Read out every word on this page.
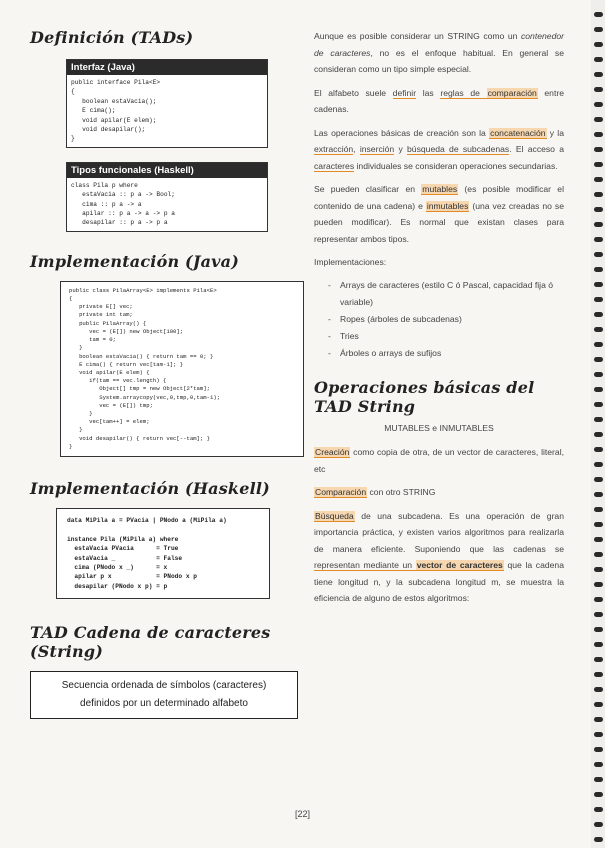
Definición (TADs)
Interfaz (Java)
public interface Pila<E>
{
boolean estaVacia();
E cima();
void apilar(E elem);
void desapilar();
}
Tipos funcionales (Haskell)
class Pila p where
estaVacia :: p a -> Bool;
cima :: p a -> a
apilar :: p a -> a -> p a
desapilar :: p a -> p a
Implementación (Java)
public class PilaArray<E> implements Pila<E>
{
private E[] vec;
private int tam;
public PilaArray() {
vec = (E[]) new Object[100];
tam = 0;
}
boolean estaVacia() { return tam == 0; }
E cima() { return vec[tam-1]; }
void apilar(E elem) {
if(tam == vec.length) {
Object[] tmp = new Object[2*tam];
System.arraycopy(vec,0,tmp,0,tam-1);
vec = (E[]) tmp;
}
vec[tam++] = elem;
}
void desapilar() { return vec[--tam]; }
}
Implementación (Haskell)
data MiPila a = PVacia | PNodo a (MiPila a)

instance Pila (MiPila a) where
estaVacia PVacia      = True
estaVacia _           = False
cima (PNodo x _)      = x
apilar p x            = PNodo x p
desapilar (PNodo x p) = p
TAD Cadena de caracteres (String)
Secuencia ordenada de símbolos (caracteres)
definidos por un determinado alfabeto

Aunque es posible considerar un STRING como un contenedor de caracteres, no es el enfoque habitual. En general se consideran como un tipo simple especial.

El alfabeto suele definir las reglas de comparación entre cadenas.

Las operaciones básicas de creación son la concatenación y la extracción, inserción y búsqueda de subcadenas. El acceso a caracteres individuales se consideran operaciones secundarias.

Se pueden clasificar en mutables (es posible modificar el contenido de una cadena) e inmutables (una vez creadas no se pueden modificar). Es normal que existan clases para representar ambos tipos.

Implementaciones:

- Arrays de caracteres (estilo C ó Pascal, capacidad fija ó variable)

- Ropes (árboles de subcadenas)

- Tries

- Árboles o arrays de sufijos

Operaciones básicas del TAD String

MUTABLES e INMUTABLES

Creación como copia de otra, de un vector de caracteres, literal, etc

Comparación con otro STRING

Búsqueda de una subcadena. Es una operación de gran importancia práctica, y existen varios algoritmos para realizarla de manera eficiente. Suponiendo que las cadenas se representan mediante un vector de caracteres que la cadena tiene longitud n, y la subcadena longitud m, se muestra la eficiencia de alguno de estos algoritmos:

[22]
